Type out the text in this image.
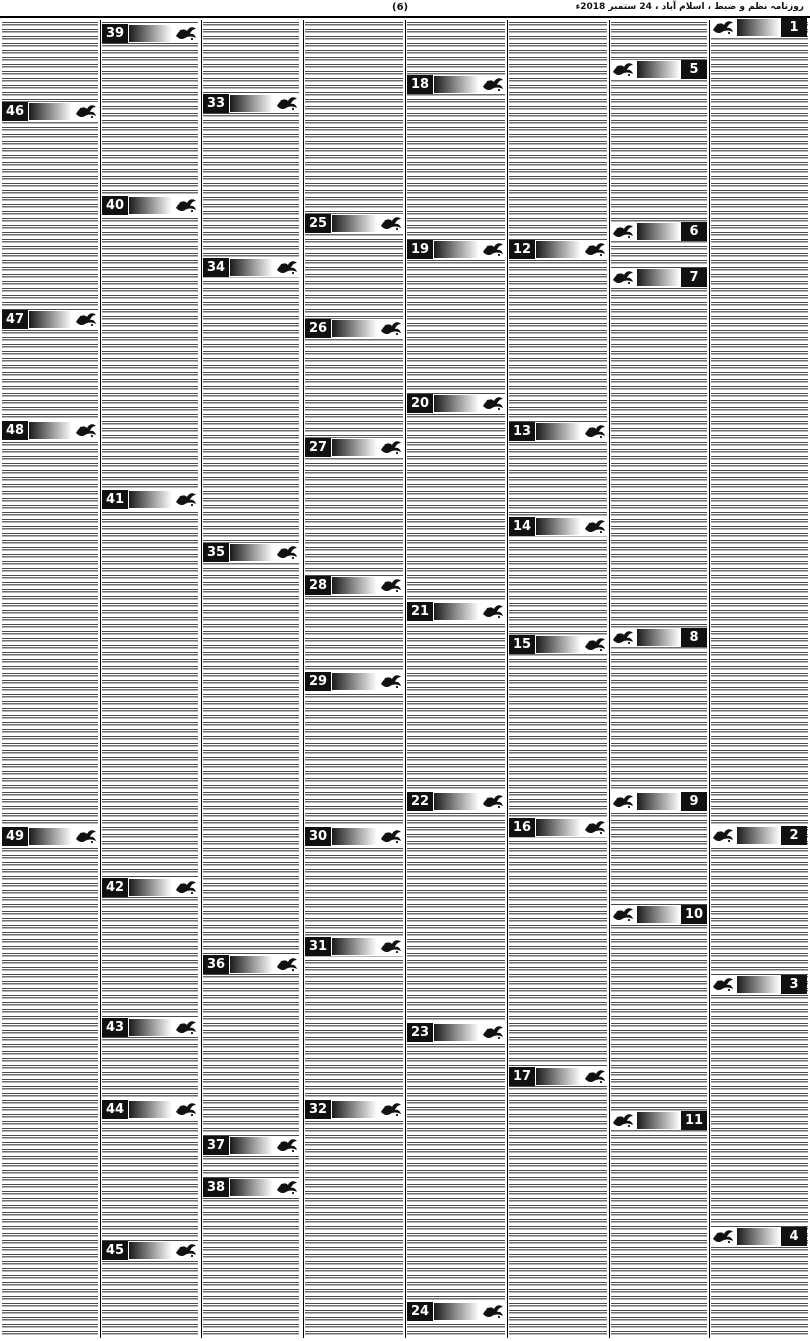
(6)	روزنامہ نظم و ضبط ، اسلام آباد ، 24 ستمبر 2018ء
1
2
3
4
5
6
7
8
9
10
11
12
13
14
15
16
17
18
19
20
21
22
23
24
25
26
27
28
29
30
31
32
33
34
35
36
37
38
39
40
41
42
43
44
45
46
47
48
49
